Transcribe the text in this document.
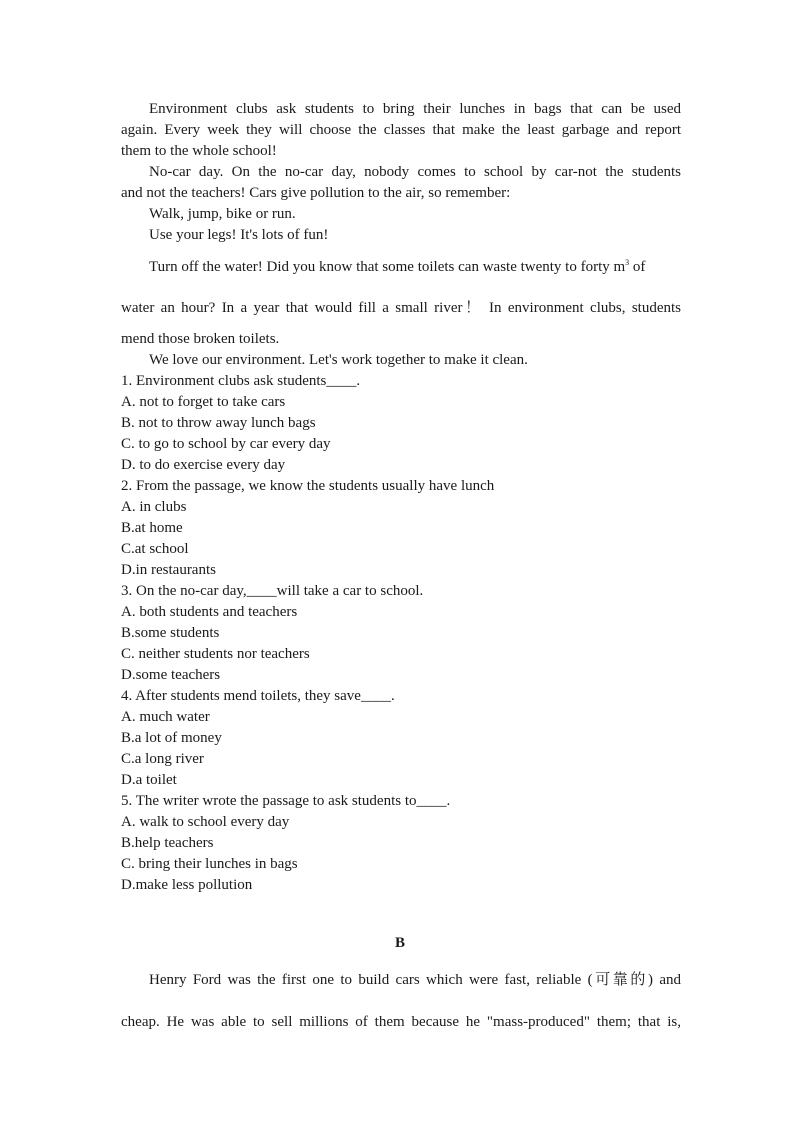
Environment clubs ask students to bring their lunches in bags that can be used
again. Every week they will choose the classes that make the least garbage and report
them to the whole school!
No-car day. On the no-car day, nobody comes to school by car-not the students
and not the teachers! Cars give pollution to the air, so remember:
Walk, jump, bike or run.
Use your legs! It's lots of fun!
Turn off the water! Did you know that some toilets can waste twenty to forty $m^3$ of
water an hour? In a year that would fill a small river！ In environment clubs, students
mend those broken toilets.
We love our environment. Let's work together to make it clean.
1. Environment clubs ask students____.
A. not to forget to take cars
B. not to throw away lunch bags
C. to go to school by car every day
D. to do exercise every day
2. From the passage, we know the students usually have lunch
A. in clubs
B.at home
C.at school
D.in restaurants
3. On the no-car day,____will take a car to school.
A. both students and teachers
B.some students
C. neither students nor teachers
D.some teachers
4. After students mend toilets, they save____.
A. much water
B.a lot of money
C.a long river
D.a toilet
5. The writer wrote the passage to ask students to____.
A. walk to school every day
B.help teachers
C. bring their lunches in bags
D.make less pollution
B
Henry Ford was the first one to build cars which were fast, reliable (可靠的) and
cheap. He was able to sell millions of them because he "mass-produced" them; that is,
